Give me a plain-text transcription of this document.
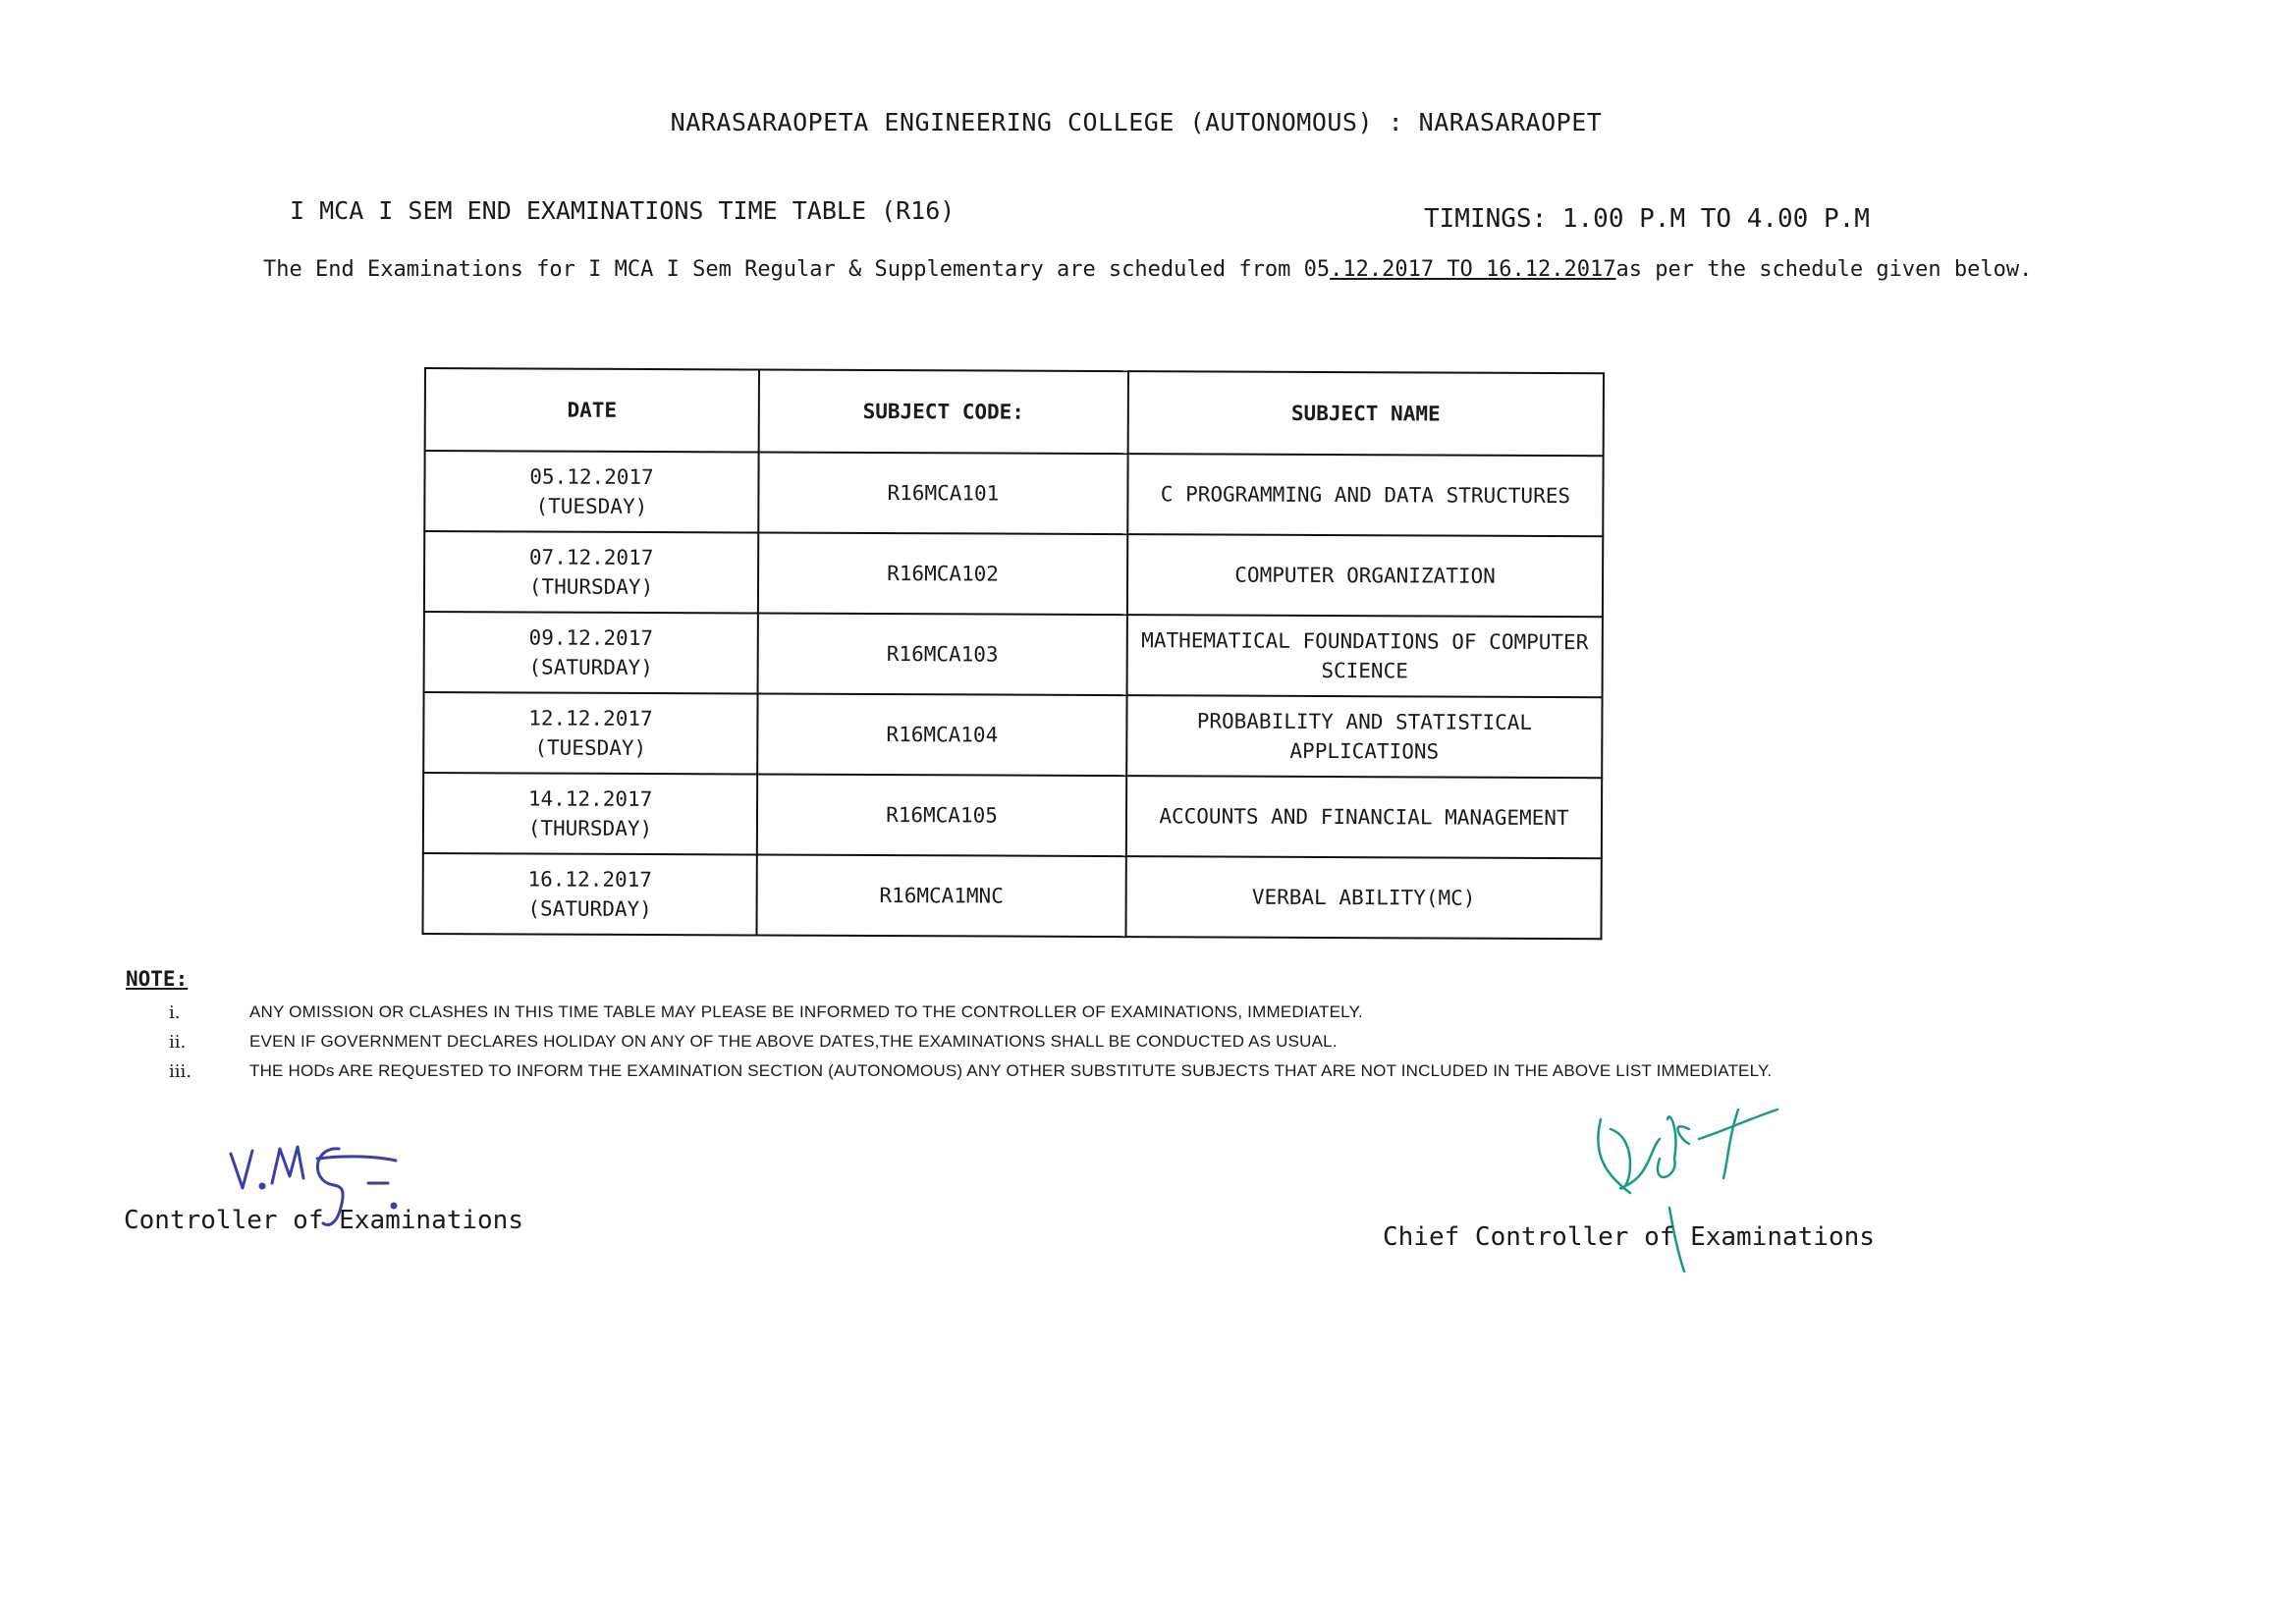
NARASARAOPETA ENGINEERING COLLEGE (AUTONOMOUS) : NARASARAOPET
I MCA I SEM END EXAMINATIONS TIME TABLE (R16)	TIMINGS: 1.00 P.M TO 4.00 P.M
The End Examinations for I MCA I Sem Regular & Supplementary are scheduled from 05.12.2017 TO 16.12.2017as per the schedule given below.
DATE	SUBJECT CODE:	SUBJECT NAME

05.12.2017
(TUESDAY)	R16MCA101	C PROGRAMMING AND DATA STRUCTURES

07.12.2017
(THURSDAY)	R16MCA102	COMPUTER ORGANIZATION

09.12.2017
(SATURDAY)	R16MCA103	MATHEMATICAL FOUNDATIONS OF COMPUTER SCIENCE

12.12.2017
(TUESDAY)	R16MCA104	PROBABILITY AND STATISTICAL APPLICATIONS

14.12.2017
(THURSDAY)	R16MCA105	ACCOUNTS AND FINANCIAL MANAGEMENT

16.12.2017
(SATURDAY)	R16MCA1MNC	VERBAL ABILITY(MC)
NOTE:
i.	ANY OMISSION OR CLASHES IN THIS TIME TABLE MAY PLEASE BE INFORMED TO THE CONTROLLER OF EXAMINATIONS, IMMEDIATELY.
ii.	EVEN IF GOVERNMENT DECLARES HOLIDAY ON ANY OF THE ABOVE DATES,THE EXAMINATIONS SHALL BE CONDUCTED AS USUAL.
iii.	THE HODs ARE REQUESTED TO INFORM THE EXAMINATION SECTION (AUTONOMOUS) ANY OTHER SUBSTITUTE SUBJECTS THAT ARE NOT INCLUDED IN THE ABOVE LIST IMMEDIATELY.
Controller of Examinations
Chief Controller of Examinations
